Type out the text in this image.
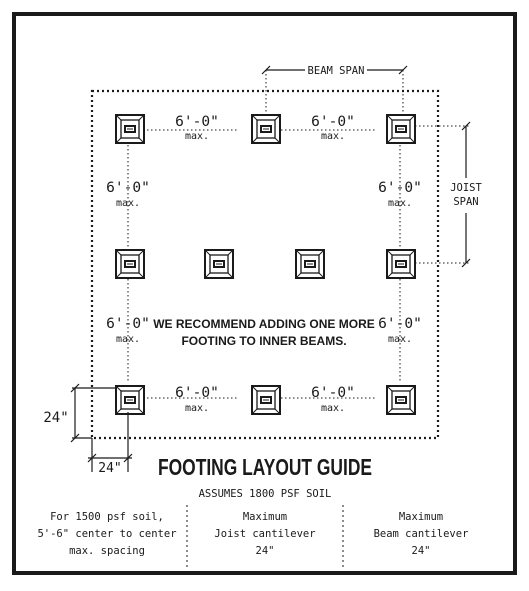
BEAM SPAN
JOIST
SPAN
6'-0"
max.
6'-0"
max.
6'-0"
max.
6'-0"
max.
6'-0"
max.
6'-0"
max.
6'-0"
max.
6'-0"
max.
WE RECOMMEND ADDING ONE MORE
FOOTING TO INNER BEAMS.
24"
24" FOOTING LAYOUT GUIDE
ASSUMES 1800 PSF SOIL
For 1500 psf soil,
5'-6" center to center
max. spacing
Maximum
Joist cantilever
24"
Maximum
Beam cantilever
24"
